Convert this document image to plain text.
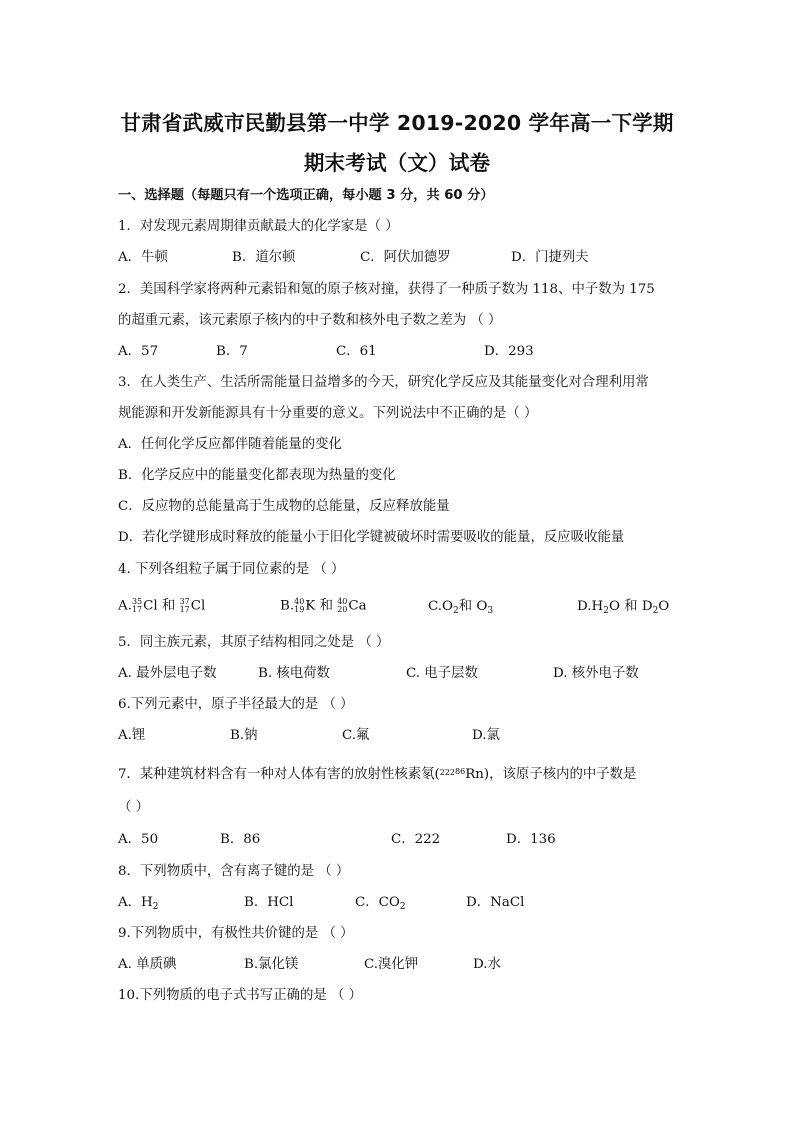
甘肃省武威市民勤县第一中学 2019-2020 学年高一下学期
期末考试（文）试卷
一、选择题（每题只有一个选项正确，每小题 3 分，共 60 分）
1．对发现元素周期律贡献最大的化学家是（ ）
A．牛顿	B．道尔顿	C．阿伏加德罗	D．门捷列夫
2．美国科学家将两种元素铅和氪的原子核对撞，获得了一种质子数为 118、中子数为 175
的超重元素，该元素原子核内的中子数和核外电子数之差为 （ ）
A．57	B．7	C．61	D．293
3．在人类生产、生活所需能量日益增多的今天，研究化学反应及其能量变化对合理利用常
规能源和开发新能源具有十分重要的意义。下列说法中不正确的是（ ）
A．任何化学反应都伴随着能量的变化
B．化学反应中的能量变化都表现为热量的变化
C．反应物的总能量高于生成物的总能量，反应释放能量
D．若化学键形成时释放的能量小于旧化学键被破坏时需要吸收的能量，反应吸收能量
4. 下列各组粒子属于同位素的是 （ ）
A. 35
17 Cl 和 37
17 Cl	B. 40
19 K 和 40
20 Ca	$C.O_2$和 $O_3$	$D.H_2O$ 和 $D_2O$
5．同主族元素，其原子结构相同之处是 （ ）
A. 最外层电子数	B. 核电荷数	C. 电子层数	D. 核外电子数
6.下列元素中，原子半径最大的是 （ ）
A.锂	B.钠	C.氟	D.氯
7．某种建筑材料含有一种对人体有害的放射性核素氡( 222 $^{86}$Rn)，该原子核内的中子数是
（ ）
A．50	B．86	C．222	D．136
8．下列物质中，含有离子键的是 （ ）
A．$H_2$	B．HCl	C．$CO_2$	D．NaCl
9.下列物质中，有极性共价键的是 （ ）
A. 单质碘	B.氯化镁	C.溴化钾	D.水
10.下列物质的电子式书写正确的是 （ ）
